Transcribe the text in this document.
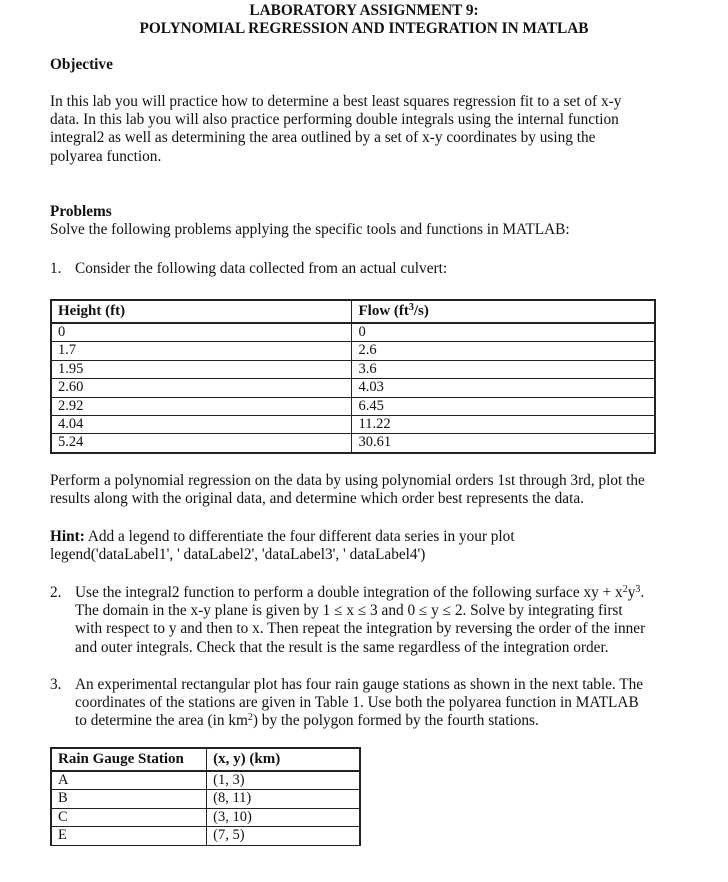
LABORATORY ASSIGNMENT 9:
POLYNOMIAL REGRESSION AND INTEGRATION IN MATLAB
Objective
In this lab you will practice how to determine a best least squares regression fit to a set of x-y
data. In this lab you will also practice performing double integrals using the internal function
integral2 as well as determining the area outlined by a set of x-y coordinates by using the
polyarea function.
Problems
Solve the following problems applying the specific tools and functions in MATLAB:
1. Consider the following data collected from an actual culvert:
Height (ft)	Flow $(ft^3/s)$
0	0
1.7	2.6
1.95	3.6
2.60	4.03
2.92	6.45
4.04	11.22
5.24	30.61
Perform a polynomial regression on the data by using polynomial orders 1st through 3rd, plot the
results along with the original data, and determine which order best represents the data.
Hint: Add a legend to differentiate the four different data series in your plot
legend('dataLabel1', ' dataLabel2', 'dataLabel3', ' dataLabel4')
2. Use the integral2 function to perform a double integration of the following surface xy + $x^2y^3$.
The domain in the x-y plane is given by 1 ≤ x ≤ 3 and 0 ≤ y ≤ 2. Solve by integrating first
with respect to y and then to x. Then repeat the integration by reversing the order of the inner
and outer integrals. Check that the result is the same regardless of the integration order.
3. An experimental rectangular plot has four rain gauge stations as shown in the next table. The
coordinates of the stations are given in Table 1. Use both the polyarea function in MATLAB
to determine the area (in $km^2$) by the polygon formed by the fourth stations.
Rain Gauge Station	(x, y) (km)
A	(1, 3)
B	(8, 11)
C	(3, 10)
E	(7, 5)
